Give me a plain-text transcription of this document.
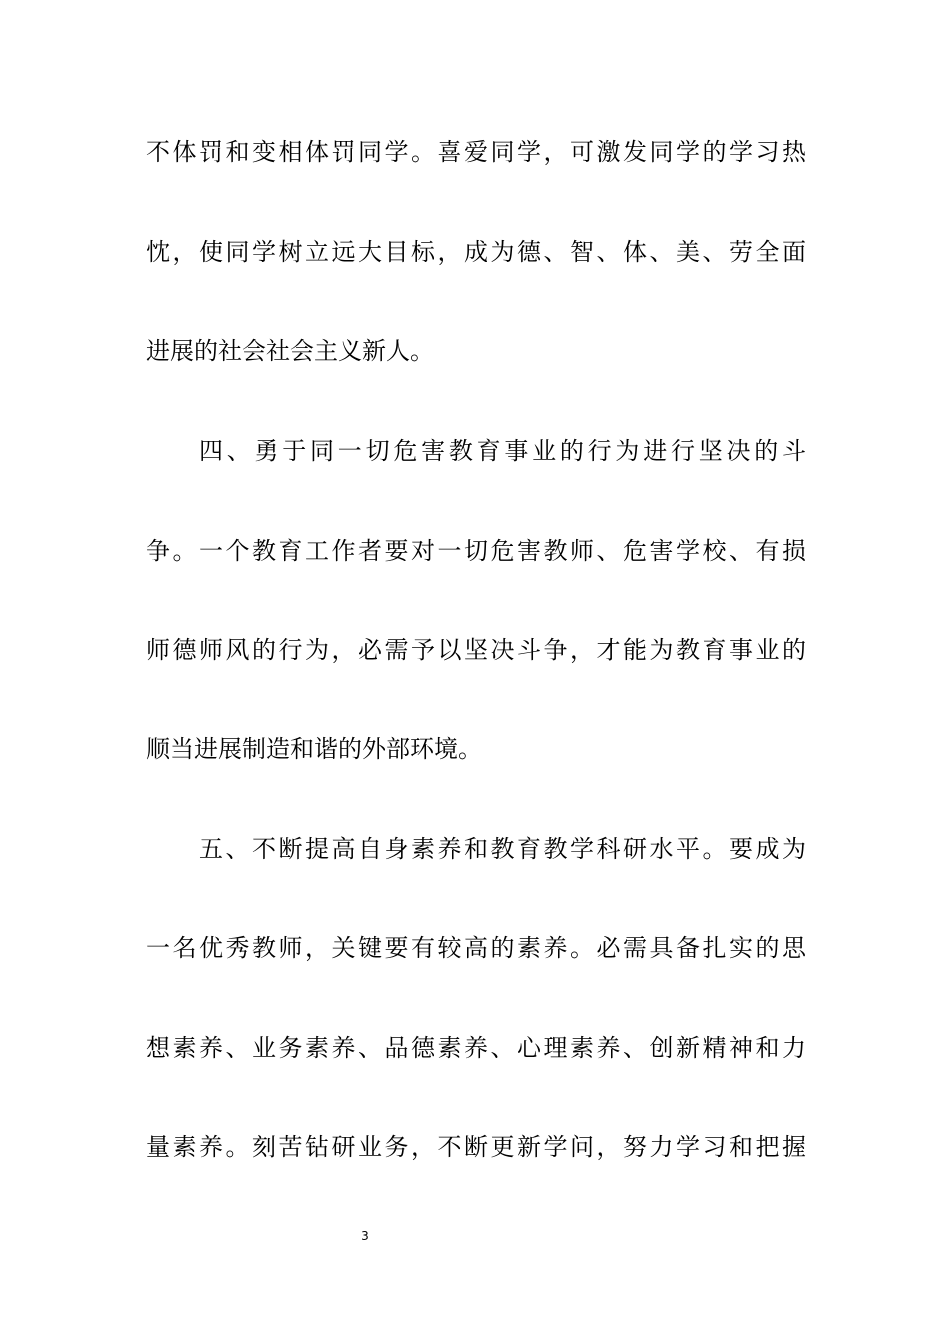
不体罚和变相体罚同学。喜爱同学，可激发同学的学习热
忱，使同学树立远大目标，成为德、智、体、美、劳全面
进展的社会社会主义新人。
四、勇于同一切危害教育事业的行为进行坚决的斗
争。一个教育工作者要对一切危害教师、危害学校、有损
师德师风的行为，必需予以坚决斗争，才能为教育事业的
顺当进展制造和谐的外部环境。
五、不断提高自身素养和教育教学科研水平。要成为
一名优秀教师，关键要有较高的素养。必需具备扎实的思
想素养、业务素养、品德素养、心理素养、创新精神和力
量素养。刻苦钻研业务，不断更新学问，努力学习和把握
3
